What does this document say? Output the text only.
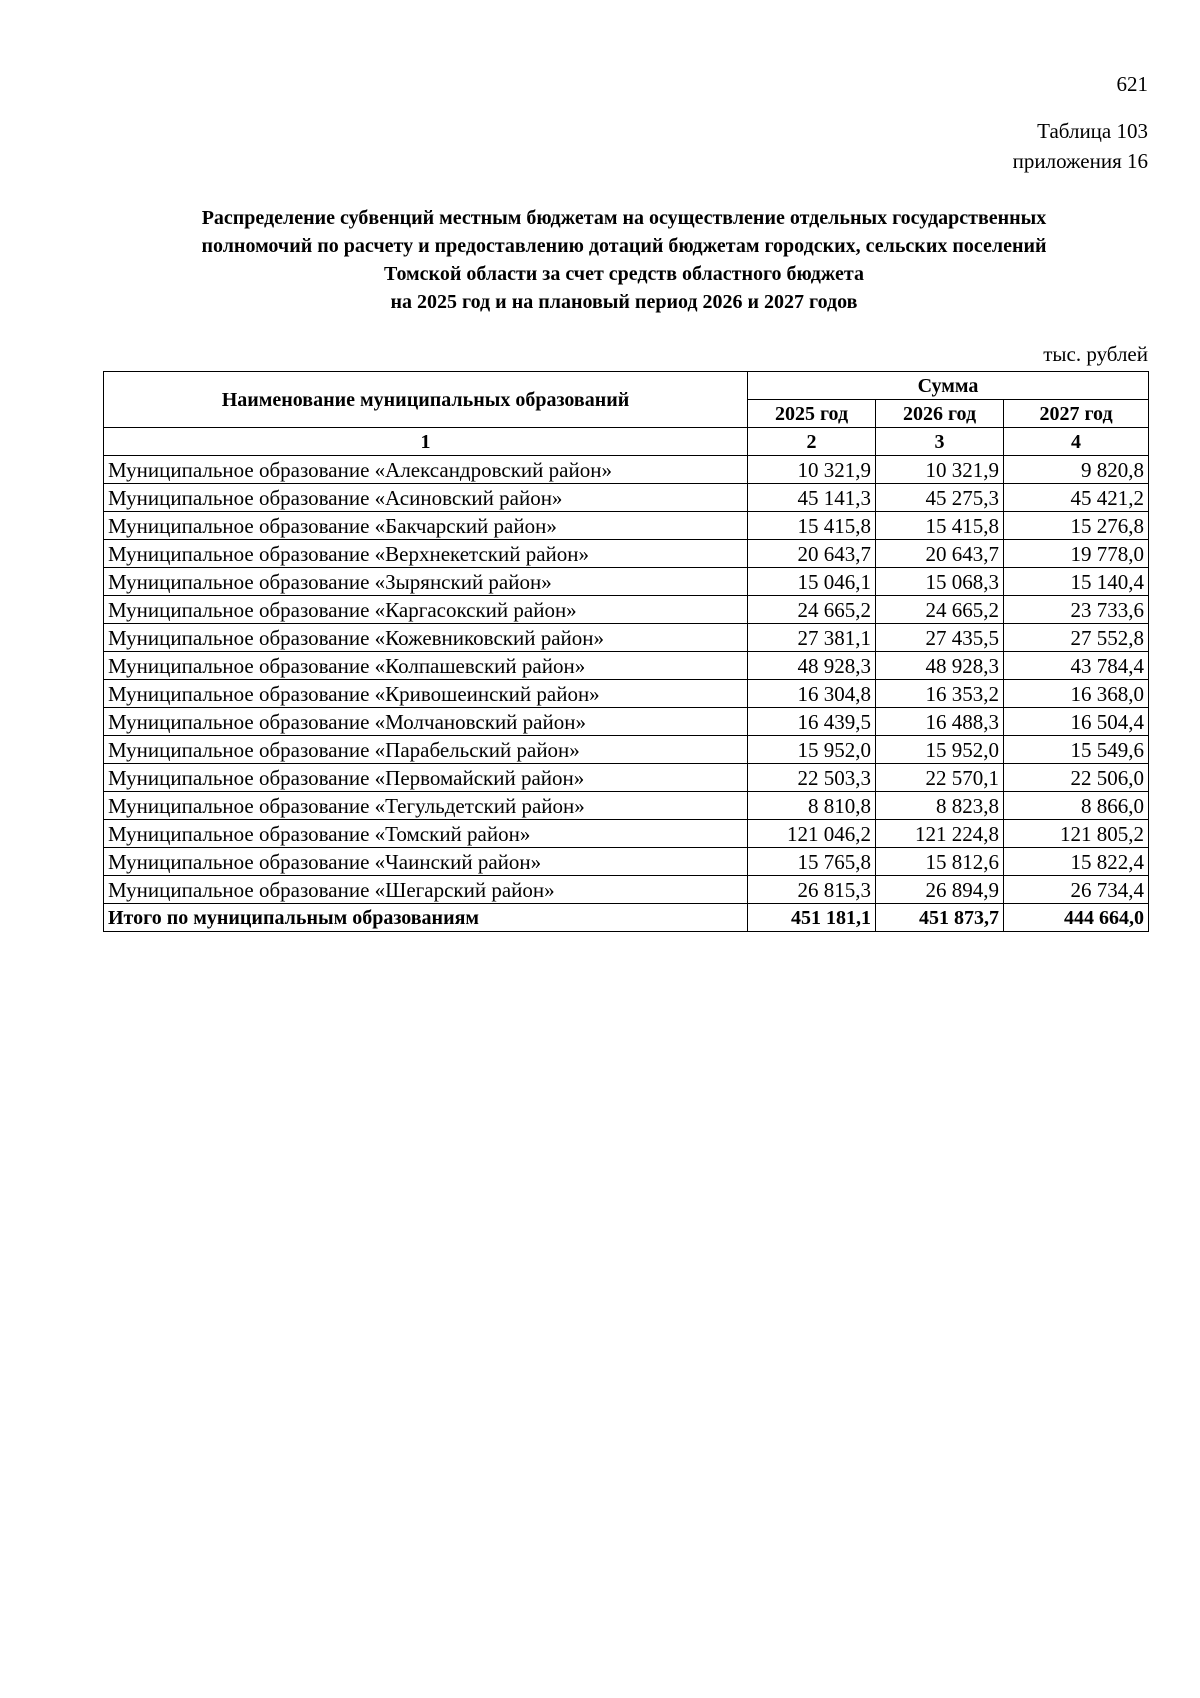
621
Таблица 103
приложения 16
Распределение субвенций местным бюджетам на осуществление отдельных государственных
полномочий по расчету и предоставлению дотаций бюджетам городских, сельских поселений
Томской области за счет средств областного бюджета
на 2025 год и на плановый период 2026 и 2027 годов
тыс. рублей
Наименование муниципальных образований	Сумма		
	2025 год	2026 год	2027 год
1	2	3	4
Муниципальное образование «Александровский район»	10 321,9	10 321,9	9 820,8
Муниципальное образование «Асиновский район»	45 141,3	45 275,3	45 421,2
Муниципальное образование «Бакчарский район»	15 415,8	15 415,8	15 276,8
Муниципальное образование «Верхнекетский район»	20 643,7	20 643,7	19 778,0
Муниципальное образование «Зырянский район»	15 046,1	15 068,3	15 140,4
Муниципальное образование «Каргасокский район»	24 665,2	24 665,2	23 733,6
Муниципальное образование «Кожевниковский район»	27 381,1	27 435,5	27 552,8
Муниципальное образование «Колпашевский район»	48 928,3	48 928,3	43 784,4
Муниципальное образование «Кривошеинский район»	16 304,8	16 353,2	16 368,0
Муниципальное образование «Молчановский район»	16 439,5	16 488,3	16 504,4
Муниципальное образование «Парабельский район»	15 952,0	15 952,0	15 549,6
Муниципальное образование «Первомайский район»	22 503,3	22 570,1	22 506,0
Муниципальное образование «Тегульдетский район»	8 810,8	8 823,8	8 866,0
Муниципальное образование «Томский район»	121 046,2	121 224,8	121 805,2
Муниципальное образование «Чаинский район»	15 765,8	15 812,6	15 822,4
Муниципальное образование «Шегарский район»	26 815,3	26 894,9	26 734,4
Итого по муниципальным образованиям	451 181,1	451 873,7	444 664,0
